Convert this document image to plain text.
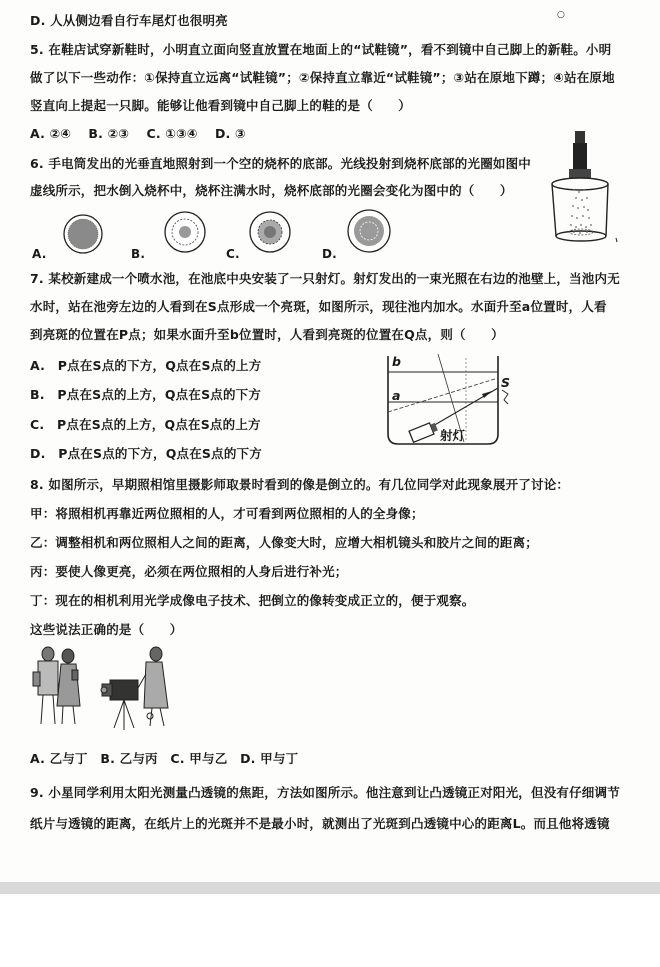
○
D. 人从侧边看自行车尾灯也很明亮
5. 在鞋店试穿新鞋时，小明直立面向竖直放置在地面上的“试鞋镜”，看不到镜中自己脚上的新鞋。小明
做了以下一些动作：①保持直立远离“试鞋镜”；②保持直立靠近“试鞋镜”；③站在原地下蹲；④站在原地
竖直向上提起一只脚。能够让他看到镜中自己脚上的鞋的是（　　）
A. ②④　 B. ②③　 C. ①③④　 D. ③
6. 手电筒发出的光垂直地照射到一个空的烧杯的底部。光线投射到烧杯底部的光圈如图中
虚线所示，把水倒入烧杯中，烧杯注满水时，烧杯底部的光圈会变化为图中的（　　）
A.	B.	C.	D.
7. 某校新建成一个喷水池，在池底中央安装了一只射灯。射灯发出的一束光照在右边的池壁上，当池内无
水时，站在池旁左边的人看到在S点形成一个亮斑，如图所示，现往池内加水。水面升至a位置时，人看
到亮斑的位置在P点；如果水面升至b位置时，人看到亮斑的位置在Q点，则（　　）
A.　P点在S点的下方，Q点在S点的上方
B.　P点在S点的上方，Q点在S点的下方
C.　P点在S点的上方，Q点在S点的上方
D.　P点在S点的下方，Q点在S点的下方
b
a
S
射灯
8. 如图所示，早期照相馆里摄影师取景时看到的像是倒立的。有几位同学对此现象展开了讨论：
甲：将照相机再靠近两位照相的人，才可看到两位照相的人的全身像；
乙：调整相机和两位照相人之间的距离，人像变大时，应增大相机镜头和胶片之间的距离；
丙：要使人像更亮，必须在两位照相的人身后进行补光；
丁：现在的相机利用光学成像电子技术、把倒立的像转变成正立的，便于观察。
这些说法正确的是（　　）
A. 乙与丁　B. 乙与丙　C. 甲与乙　D. 甲与丁
9. 小星同学利用太阳光测量凸透镜的焦距，方法如图所示。他注意到让凸透镜正对阳光，但没有仔细调节
纸片与透镜的距离，在纸片上的光斑并不是最小时，就测出了光斑到凸透镜中心的距离L。而且他将透镜
